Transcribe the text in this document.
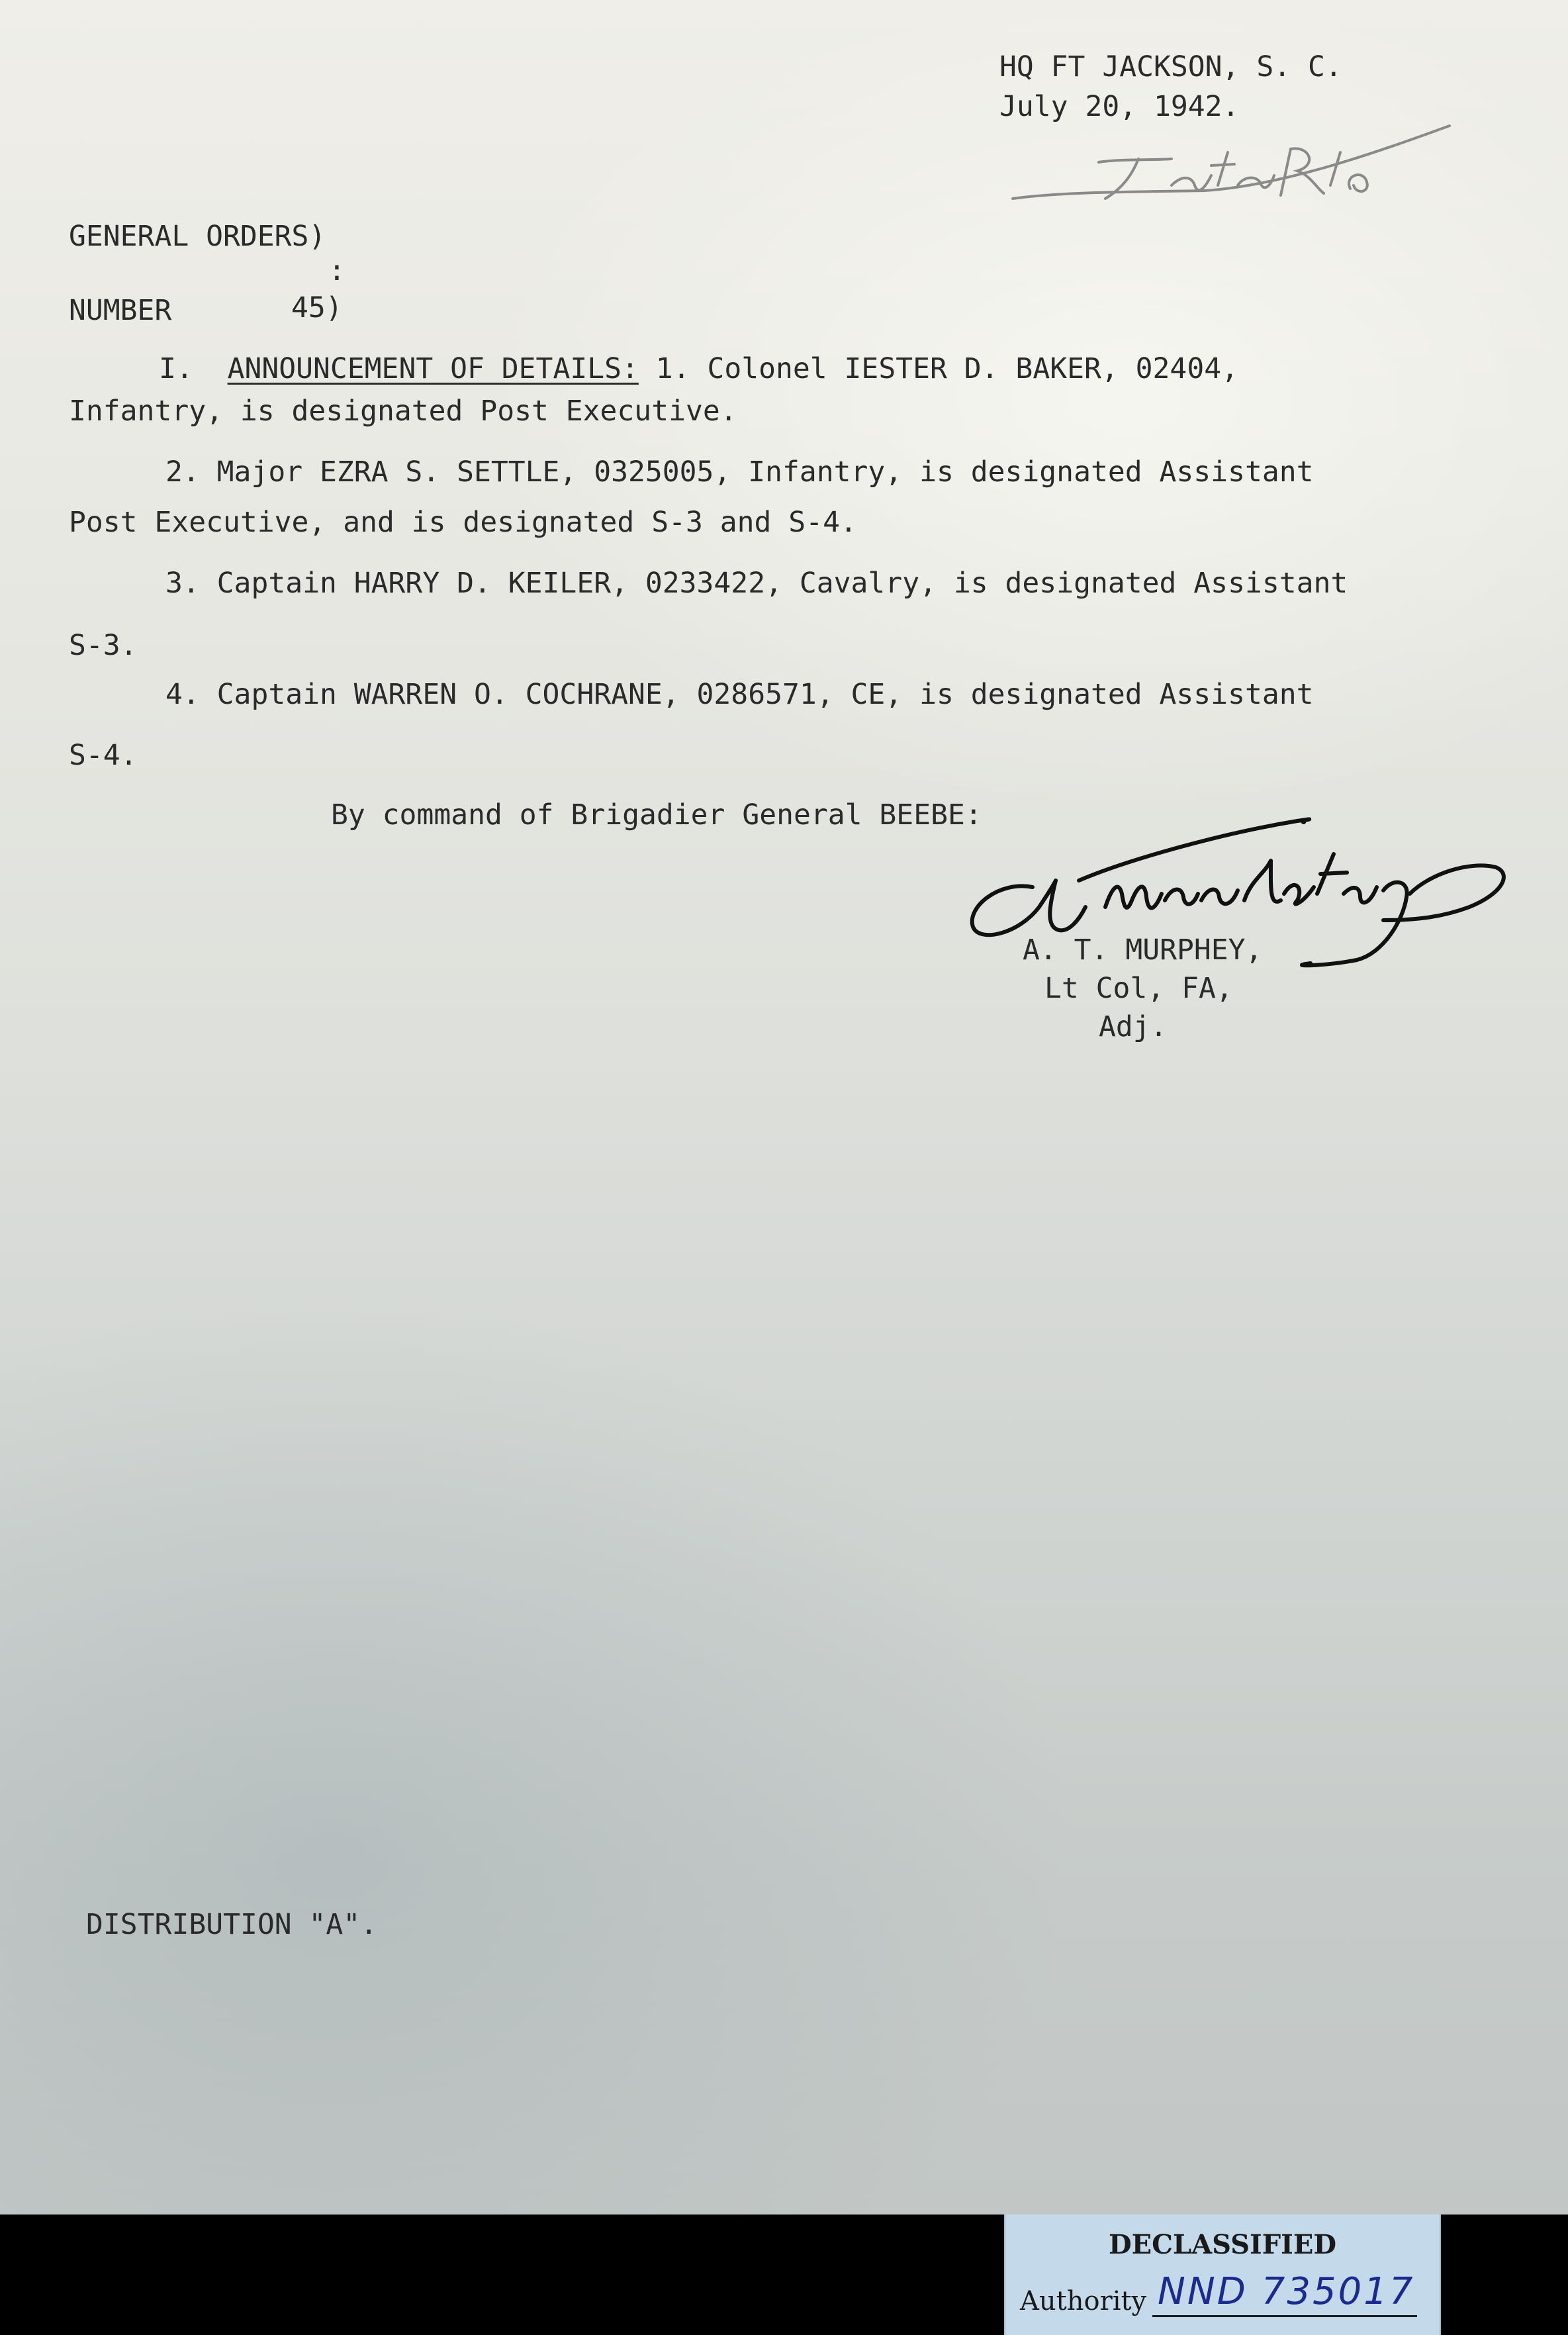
HQ FT JACKSON, S. C.
July 20, 1942.
GENERAL ORDERS)
:
NUMBER	45)
I. ANNOUNCEMENT OF DETAILS: 1. Colonel IESTER D. BAKER, 02404,
Infantry, is designated Post Executive.
2. Major EZRA S. SETTLE, 0325005, Infantry, is designated Assistant
Post Executive, and is designated S-3 and S-4.
3. Captain HARRY D. KEILER, 0233422, Cavalry, is designated Assistant
S-3.
4. Captain WARREN O. COCHRANE, 0286571, CE, is designated Assistant
S-4.
By command of Brigadier General BEEBE:
A. T. MURPHEY,
Lt Col, FA,
Adj.
DISTRIBUTION "A".
DECLASSIFIED
Authority NND 735017
